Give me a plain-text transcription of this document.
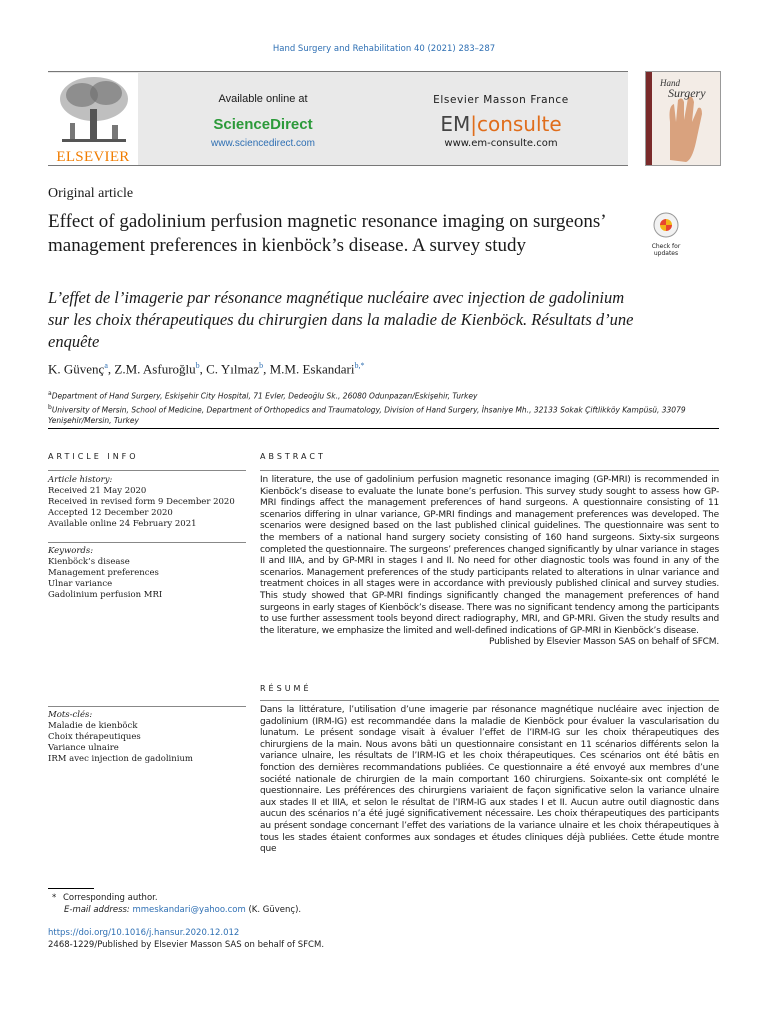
Hand Surgery and Rehabilitation 40 (2021) 283–287
ELSEVIER
Available online at
ScienceDirect
www.sciencedirect.com
Elsevier Masson France
EM|consulte
www.em-consulte.com
Hand
Surgery
Original article
Effect of gadolinium perfusion magnetic resonance imaging on surgeons’ management preferences in kienböck’s disease. A survey study	Check for updates
L’effet de l’imagerie par résonance magnétique nucléaire avec injection de gadolinium sur les choix thérapeutiques du chirurgien dans la maladie de Kienböck. Résultats d’une enquête
K. Güvenç$^a$, Z.M. Asfuroğlu$^b$, C. Yılmaz$^b$, M.M. Eskandari$^{b,*}$
$^a$Department of Hand Surgery, Eskişehir City Hospital, 71 Evler, Dedeoğlu Sk., 26080 Odunpazarı/Eskişehir, Turkey
$^b$University of Mersin, School of Medicine, Department of Orthopedics and Traumatology, Division of Hand Surgery, İhsaniye Mh., 32133 Sokak Çiftlikköy Kampüsü, 33079 Yenişehir/Mersin, Turkey
ARTICLE INFO
Article history:
Received 21 May 2020
Received in revised form 9 December 2020
Accepted 12 December 2020
Available online 24 February 2021
Keywords:
Kienböck’s disease
Management preferences
Ulnar variance
Gadolinium perfusion MRI
Mots-clés:
Maladie de kienböck
Choix thérapeutiques
Variance ulnaire
IRM avec injection de gadolinium
ABSTRACT
In literature, the use of gadolinium perfusion magnetic resonance imaging (GP-MRI) is recommended in Kienböck’s disease to evaluate the lunate bone’s perfusion. This survey study sought to assess how GP-MRI findings affect the management preferences of hand surgeons. A questionnaire consisting of 11 scenarios differing in ulnar variance, GP-MRI findings and management preferences was developed. The scenarios were designed based on the last published clinical guidelines. The questionnaire was sent to the members of a national hand surgery society consisting of 160 hand surgeons. Sixty-six surgeons completed the questionnaire. The surgeons’ preferences changed significantly by ulnar variance in stages II and IIIA, and by GP-MRI in stages I and II. No need for other diagnostic tools was found in any of the scenarios. Management preferences of the study participants related to alterations in ulnar variance and treatment choices in all stages were in accordance with previously published clinical and survey studies. This study showed that GP-MRI findings significantly changed the management preferences of hand surgeons in early stages of Kienböck’s disease. There was no significant tendency among the participants to use further assessment tools beyond direct radiography, MRI, and GP-MRI. Given the study results and the literature, we emphasize the limited and well-defined indications of GP-MRI in Kienböck’s disease.
Published by Elsevier Masson SAS on behalf of SFCM.
RÉSUMÉ
Dans la littérature, l’utilisation d’une imagerie par résonance magnétique nucléaire avec injection de gadolinium (IRM-IG) est recommandée dans la maladie de Kienböck pour évaluer la vascularisation du lunatum. Le présent sondage visait à évaluer l’effet de l’IRM-IG sur les choix thérapeutiques des chirurgiens de la main. Nous avons bâti un questionnaire consistant en 11 scénarios différents selon la variance ulnaire, les résultats de l’IRM-IG et les choix thérapeutiques. Ces scénarios ont été bâtis en fonction des dernières recommandations publiées. Ce questionnaire a été envoyé aux membres d’une société nationale de chirurgien de la main comportant 160 chirurgiens. Soixante-six ont complété le questionnaire. Les préférences des chirurgiens variaient de façon significative selon la variance ulnaire aux stades II et IIIA, et selon le résultat de l’IRM-IG aux stades I et II. Aucun autre outil diagnostic dans aucun des scénarios n’a été jugé significativement nécessaire. Les choix thérapeutiques des participants au présent sondage concernant l’effet des variations de la variance ulnaire et les choix thérapeutiques à tous les stades étaient conformes aux sondages et études cliniques déjà publiées. Cette étude montre que
* Corresponding author.
E-mail address: mmeskandari@yahoo.com (K. Güvenç).
https://doi.org/10.1016/j.hansur.2020.12.012
2468-1229/Published by Elsevier Masson SAS on behalf of SFCM.
